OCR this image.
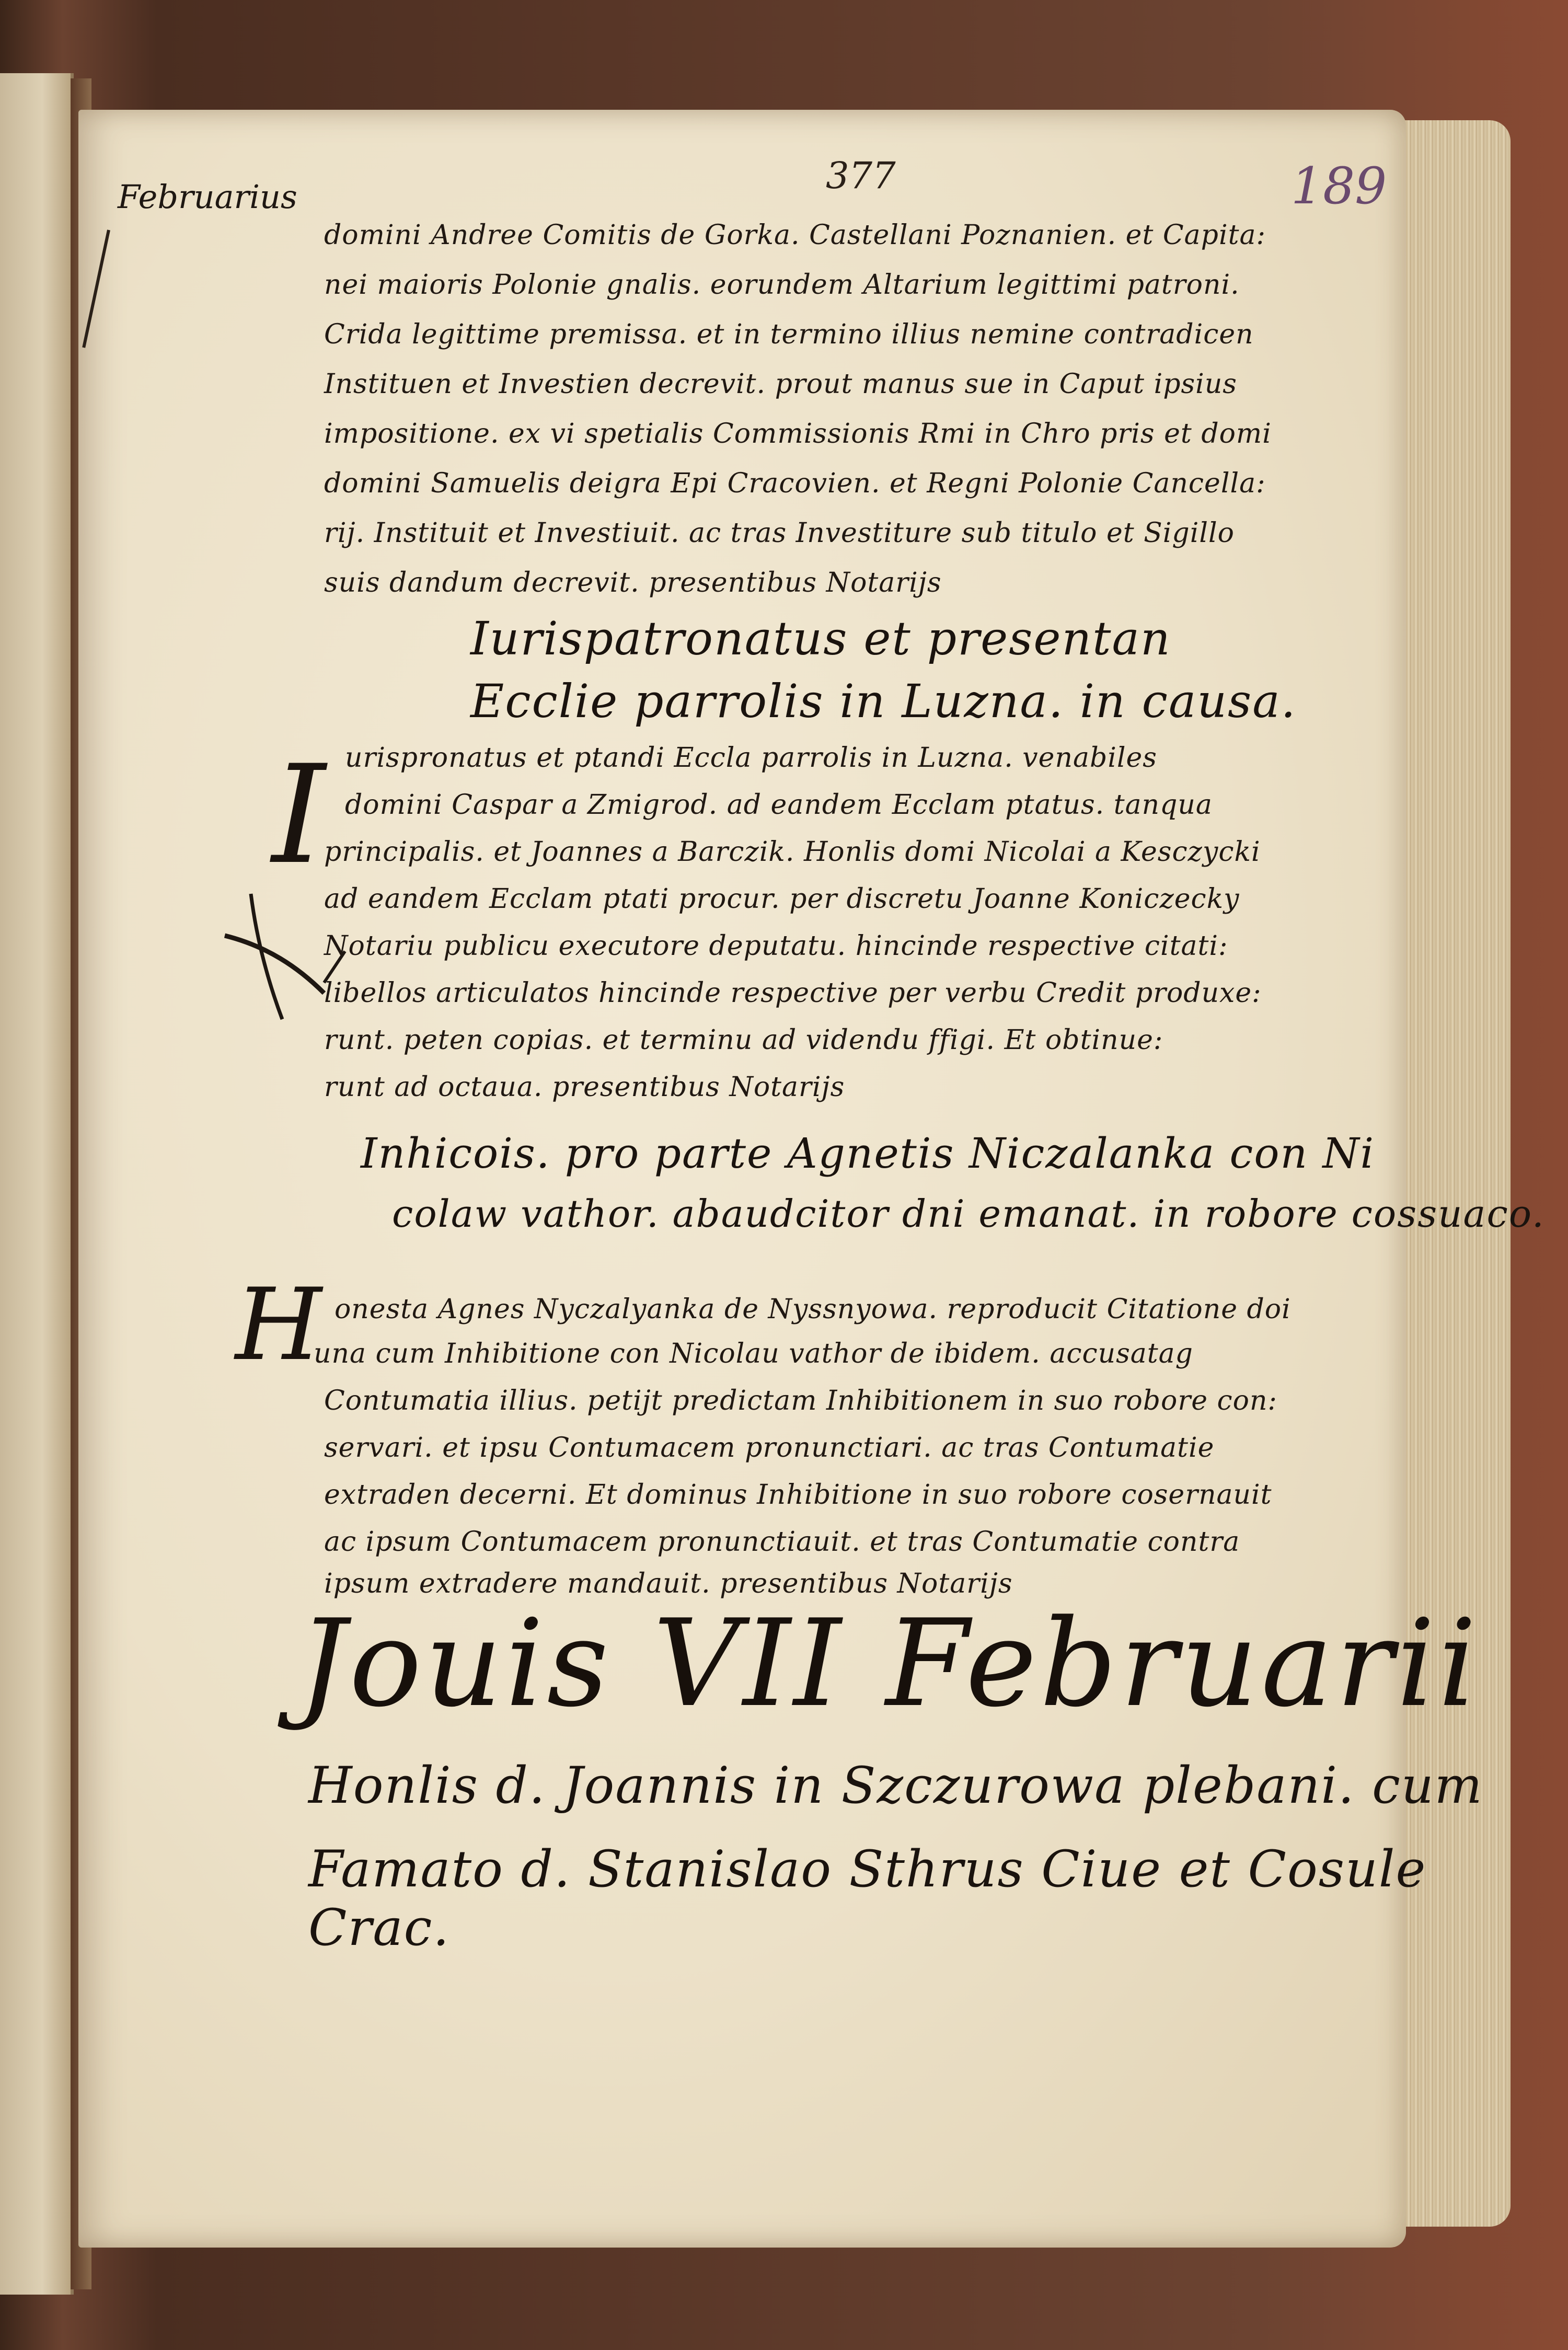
377	189
Februarius
domini Andree Comitis de Gorka. Castellani Poznanien. et Capita:
nei maioris Polonie gnalis. eorundem Altarium legittimi patroni.
Crida legittime premissa. et in termino illius nemine contradicen
Instituen et Investien decrevit. prout manus sue in Caput ipsius
impositione. ex vi spetialis Commissionis Rmi in Chro pris et domi
domini Samuelis deigra Epi Cracovien. et Regni Polonie Cancella:
rij. Instituit et Investiuit. ac tras Investiture sub titulo et Sigillo
suis dandum decrevit. presentibus Notarijs
Iurispatronatus et presentan
Ecclie parrolis in Luzna. in causa.
I urispronatus et ptandi Eccla parrolis in Luzna. venabiles
domini Caspar a Zmigrod. ad eandem Ecclam ptatus. tanqua
principalis. et Joannes a Barczik. Honlis domi Nicolai a Kesczycki
ad eandem Ecclam ptati procur. per discretu Joanne Koniczecky
Notariu publicu executore deputatu. hincinde respective citati:
libellos articulatos hincinde respective per verbu Credit produxe:
runt. peten copias. et terminu ad videndu ffigi. Et obtinue:
runt ad octaua. presentibus Notarijs
Inhicois. pro parte Agnetis Niczalanka con Ni
colaw vathor. abaudcitor dni emanat. in robore cossuaco.
H onesta Agnes Nyczalyanka de Nyssnyowa. reproducit Citatione doi
una cum Inhibitione con Nicolau vathor de ibidem. accusatag
Contumatia illius. petijt predictam Inhibitionem in suo robore con:
servari. et ipsu Contumacem pronunctiari. ac tras Contumatie
extraden decerni. Et dominus Inhibitione in suo robore cosernauit
ac ipsum Contumacem pronunctiauit. et tras Contumatie contra
ipsum extradere mandauit. presentibus Notarijs
Jouis VII Februarii
Honlis d. Joannis in Szczurowa plebani. cum
Famato d. Stanislao Sthrus Ciue et Cosule Crac.
